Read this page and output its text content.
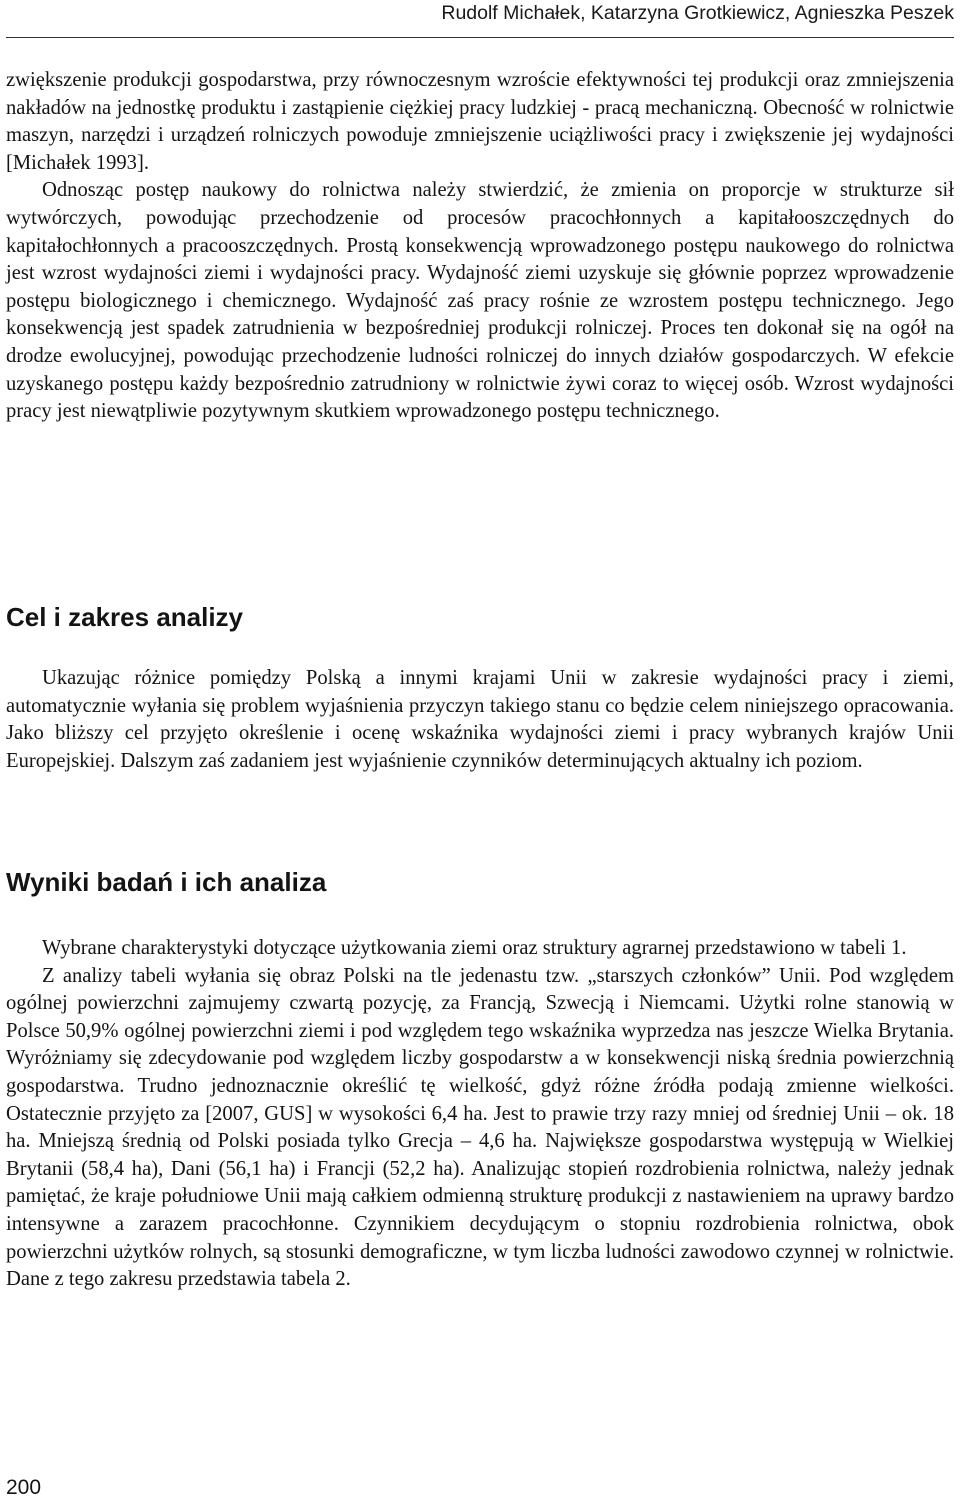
Rudolf Michałek, Katarzyna Grotkiewicz, Agnieszka Peszek

zwiększenie produkcji gospodarstwa, przy równoczesnym wzroście efektywności tej produkcji oraz zmniejszenia nakładów na jednostkę produktu i zastąpienie ciężkiej pracy ludzkiej - pracą mechaniczną. Obecność w rolnictwie maszyn, narzędzi i urządzeń rolniczych powoduje zmniejszenie uciążliwości pracy i zwiększenie jej wydajności [Michałek 1993].

Odnosząc postęp naukowy do rolnictwa należy stwierdzić, że zmienia on proporcje w strukturze sił wytwórczych, powodując przechodzenie od procesów pracochłonnych a kapitałooszczędnych do kapitałochłonnych a pracooszczędnych. Prostą konsekwencją wprowadzonego postępu naukowego do rolnictwa jest wzrost wydajności ziemi i wydajności pracy. Wydajność ziemi uzyskuje się głównie poprzez wprowadzenie postępu biologicznego i chemicznego. Wydajność zaś pracy rośnie ze wzrostem postępu technicznego. Jego konsekwencją jest spadek zatrudnienia w bezpośredniej produkcji rolniczej. Proces ten dokonał się na ogół na drodze ewolucyjnej, powodując przechodzenie ludności rolniczej do innych działów gospodarczych. W efekcie uzyskanego postępu każdy bezpośrednio zatrudniony w rolnictwie żywi coraz to więcej osób. Wzrost wydajności pracy jest niewątpliwie pozytywnym skutkiem wprowadzonego postępu technicznego.

Cel i zakres analizy

Ukazując różnice pomiędzy Polską a innymi krajami Unii w zakresie wydajności pracy i ziemi, automatycznie wyłania się problem wyjaśnienia przyczyn takiego stanu co będzie celem niniejszego opracowania. Jako bliższy cel przyjęto określenie i ocenę wskaźnika wydajności ziemi i pracy wybranych krajów Unii Europejskiej. Dalszym zaś zadaniem jest wyjaśnienie czynników determinujących aktualny ich poziom.

Wyniki badań i ich analiza

Wybrane charakterystyki dotyczące użytkowania ziemi oraz struktury agrarnej przedstawiono w tabeli 1.

Z analizy tabeli wyłania się obraz Polski na tle jedenastu tzw. „starszych członków” Unii. Pod względem ogólnej powierzchni zajmujemy czwartą pozycję, za Francją, Szwecją i Niemcami. Użytki rolne stanowią w Polsce 50,9% ogólnej powierzchni ziemi i pod względem tego wskaźnika wyprzedza nas jeszcze Wielka Brytania. Wyróżniamy się zdecydowanie pod względem liczby gospodarstw a w konsekwencji niską średnia powierzchnią gospodarstwa. Trudno jednoznacznie określić tę wielkość, gdyż różne źródła podają zmienne wielkości. Ostatecznie przyjęto za [2007, GUS] w wysokości 6,4 ha. Jest to prawie trzy razy mniej od średniej Unii – ok. 18 ha. Mniejszą średnią od Polski posiada tylko Grecja – 4,6 ha. Największe gospodarstwa występują w Wielkiej Brytanii (58,4 ha), Dani (56,1 ha) i Francji (52,2 ha). Analizując stopień rozdrobienia rolnictwa, należy jednak pamiętać, że kraje południowe Unii mają całkiem odmienną strukturę produkcji z nastawieniem na uprawy bardzo intensywne a zarazem pracochłonne. Czynnikiem decydującym o stopniu rozdrobienia rolnictwa, obok powierzchni użytków rolnych, są stosunki demograficzne, w tym liczba ludności zawodowo czynnej w rolnictwie. Dane z tego zakresu przedstawia tabela 2.

200
